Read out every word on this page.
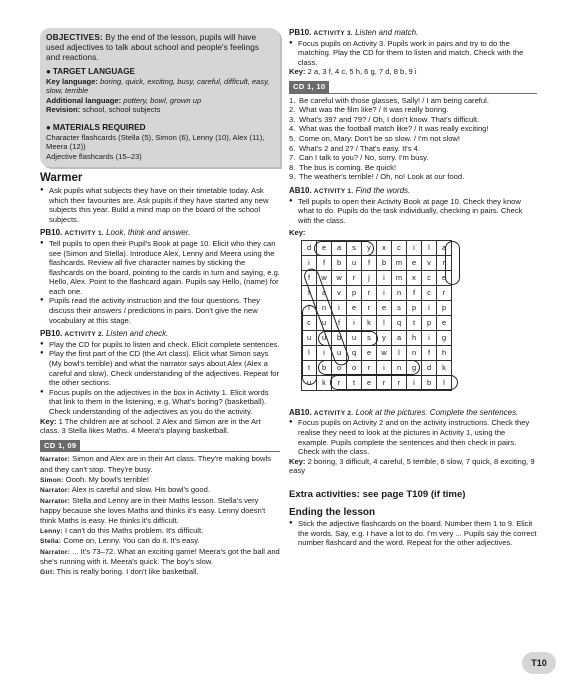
OBJECTIVES: By the end of the lesson, pupils will have used adjectives to talk about school and people's feelings and reactions.
● TARGET LANGUAGE

Key language: boring, quick, exciting, busy, careful, difficult, easy, slow, terrible

Additional language: pottery, bowl, grown up

Revision: school, school subjects

● MATERIALS REQUIRED

Character flashcards (Stella (5), Simon (6), Lenny (10), Alex (11), Meera (12))

Adjective flashcards (15–23)

Warmer
● Ask pupils what subjects they have on their timetable today. Ask which their favourites are. Ask pupils if they have started any new subjects this year. Build a mind map on the board of the school subjects.
PB10. ACTIVITY 1. Look, think and answer.
● Tell pupils to open their Pupil's Book at page 10. Elicit who they can see (Simon and Stella). Introduce Alex, Lenny and Meera using the flashcards. Review all five character names by sticking the flashcards on the board, pointing to the cards in turn and saying, e.g. Hello, Alex. Point to the flashcard again. Pupils say Hello, (name) for each one.
● Pupils read the activity instruction and the four questions. They discuss their answers / predictions in pairs. Don't give the new vocabulary at this stage.
PB10. ACTIVITY 2. Listen and check.
● Play the CD for pupils to listen and check. Elicit complete sentences.
● Play the first part of the CD (the Art class). Elicit what Simon says (My bowl's terrible) and what the narrator says about Alex (Alex a careful and slow). Check understanding of the adjectives. Repeat for the other sections.
● Focus pupils on the adjectives in the box in Activity 1. Elicit words that link to them in the listening, e.g. What's boring? (basketball). Check understanding of the adjectives as you do the activity.

Key: 1 The children are at school. 2 Alex and Simon are in the Art class. 3 Stella likes Maths. 4 Meera's playing basketball.

CD 1, 09

Narrator: Simon and Alex are in their Art class. They're making bowls and they can't stop. They're busy.

Simon: Oooh. My bowl's terrible!

Narrator: Alex is careful and slow. His bowl's good.

Narrator: Stella and Lenny are in their Maths lesson. Stella's very happy because she loves Maths and thinks it's easy. Lenny doesn't think Maths is easy. He thinks it's difficult.

Lenny: I can't do this Maths problem. It's difficult.

Stella: Come on, Lenny. You can do it. It's easy.

Narrator: ... It's 73–72. What an exciting game! Meera's got the ball and she's running with it. Meera's quick. The boy's slow.

Girl: This is really boring. I don't like basketball.

PB10. ACTIVITY 3. Listen and match.
● Focus pupils on Activity 3. Pupils work in pairs and try to do the matching. Play the CD for them to listen and match. Check with the class.

Key: 2 a, 3 f, 4 c, 5 h, 6 g, 7 d, 8 b, 9 i

CD 1, 10
1. Be careful with those glasses, Sally! / I am being careful.
2. What was the film like? / It was really boring.
3. What's 397 and 79? / Oh, I don't know. That's difficult.
4. What was the football match like? / It was really exciting!
5. Come on, Mary. Don't be so slow. / I'm not slow!
6. What's 2 and 2? / That's easy. It's 4.
7. Can I talk to you? / No, sorry. I'm busy.
8. The bus is coming. Be quick!
9. The weather's terrible! / Oh, no! Look at our food.
AB10. ACTIVITY 1. Find the words.
● Tell pupils to open their Activity Book at page 10. Check they know what to do. Pupils do the task individually, checking in pairs. Check with the class.

Key:

d	e	a	s	y	x	c	i	l	a
i	f	b	u	f	b	m	e	v	r
f	w	w	r	j	i	m	x	c	e
f	a	v	p	r	i	n	f	c	r
i	n	i	e	r	e	s	p	i	p
c	u	f	i	k	l	q	t	p	e
u	u	b	u	s	y	a	h	i	g
l	i	u	q	e	w	l	n	f	h
t	b	o	o	r	i	n	g	d	k
u	k	r	t	e	r	r	i	b	l
AB10. ACTIVITY 2. Look at the pictures. Complete the sentences.
● Focus pupils on Activity 2 and on the activity instructions. Check they realise they need to look at the pictures in Activity 1, using the example. Pupils complete the sentences and then check in pairs. Check with the class.

Key: 2 boring, 3 difficult, 4 careful, 5 terrible, 6 slow, 7 quick, 8 exciting, 9 easy

Extra activities: see page T109 (if time)
Ending the lesson
● Stick the adjective flashcards on the board. Number them 1 to 9. Elicit the words. Say, e.g. I have a lot to do. I'm very ... Pupils say the correct number flashcard and the word. Repeat for the other adjectives.
T10
